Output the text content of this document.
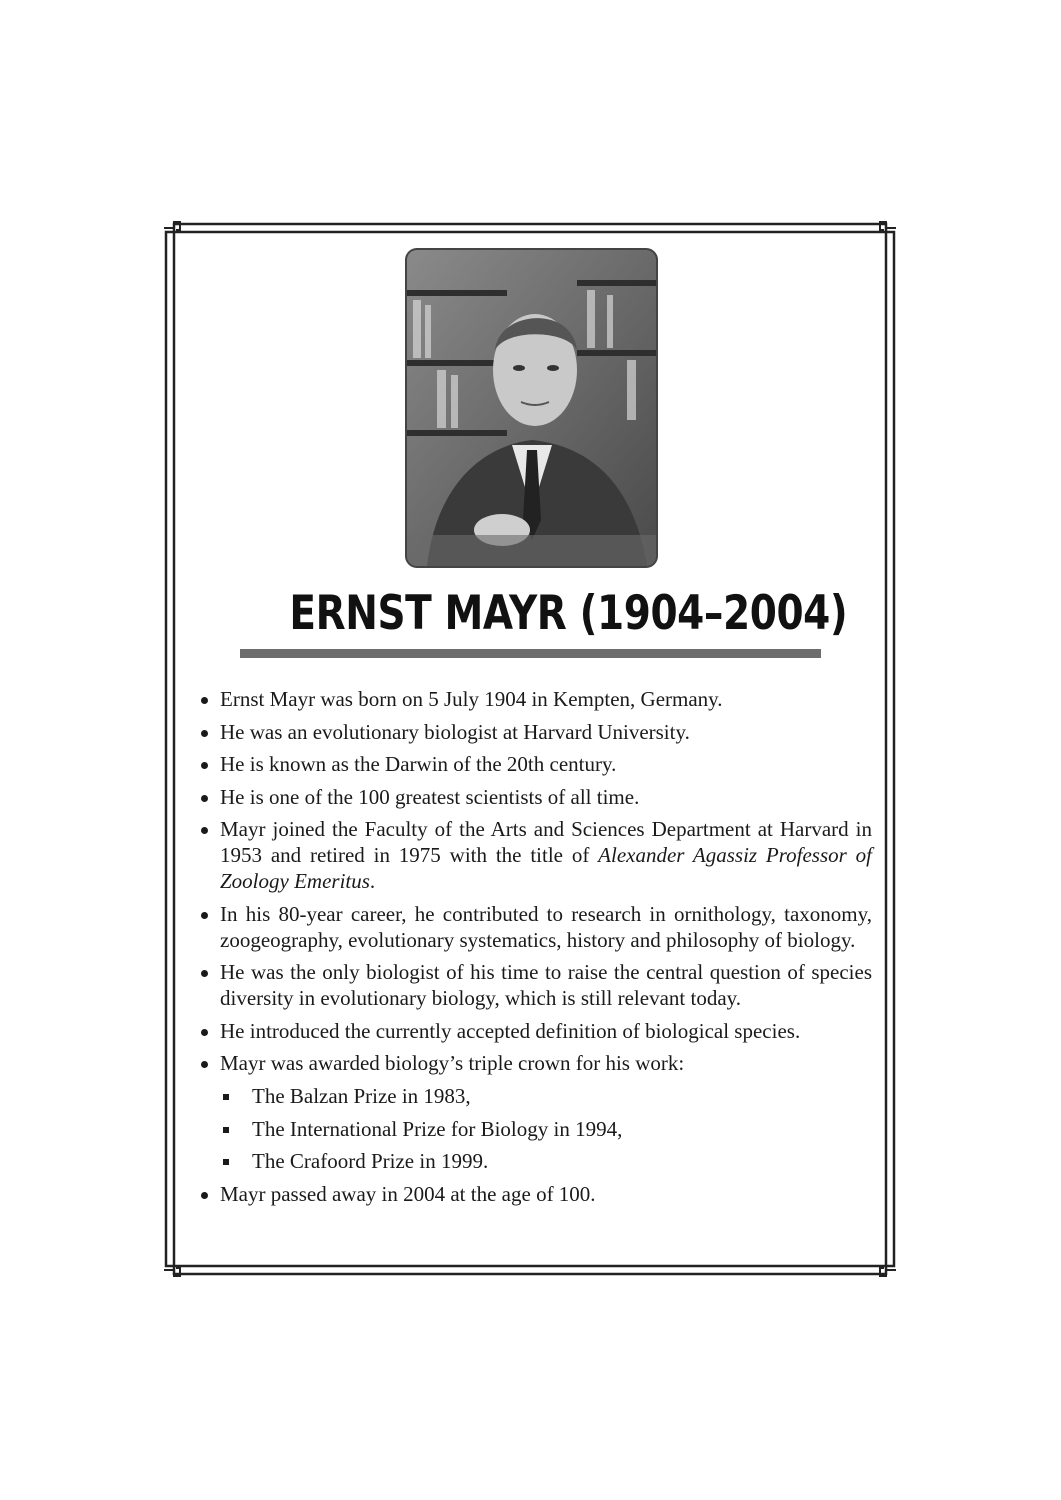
ERNST MAYR (1904–2004)
Ernst Mayr was born on 5 July 1904 in Kempten, Germany.
He was an evolutionary biologist at Harvard University.
He is known as the Darwin of the 20th century.
He is one of the 100 greatest scientists of all time.
Mayr joined the Faculty of the Arts and Sciences Department at Harvard in 1953 and retired in 1975 with the title of Alexander Agassiz Professor of Zoology Emeritus.
In his 80-year career, he contributed to research in ornithology, taxonomy, zoogeography, evolutionary systematics, history and philosophy of biology.
He was the only biologist of his time to raise the central question of species diversity in evolutionary biology, which is still relevant today.
He introduced the currently accepted definition of biological species.
Mayr was awarded biology’s triple crown for his work:
The Balzan Prize in 1983,
The International Prize for Biology in 1994,
The Crafoord Prize in 1999.
Mayr passed away in 2004 at the age of 100.
